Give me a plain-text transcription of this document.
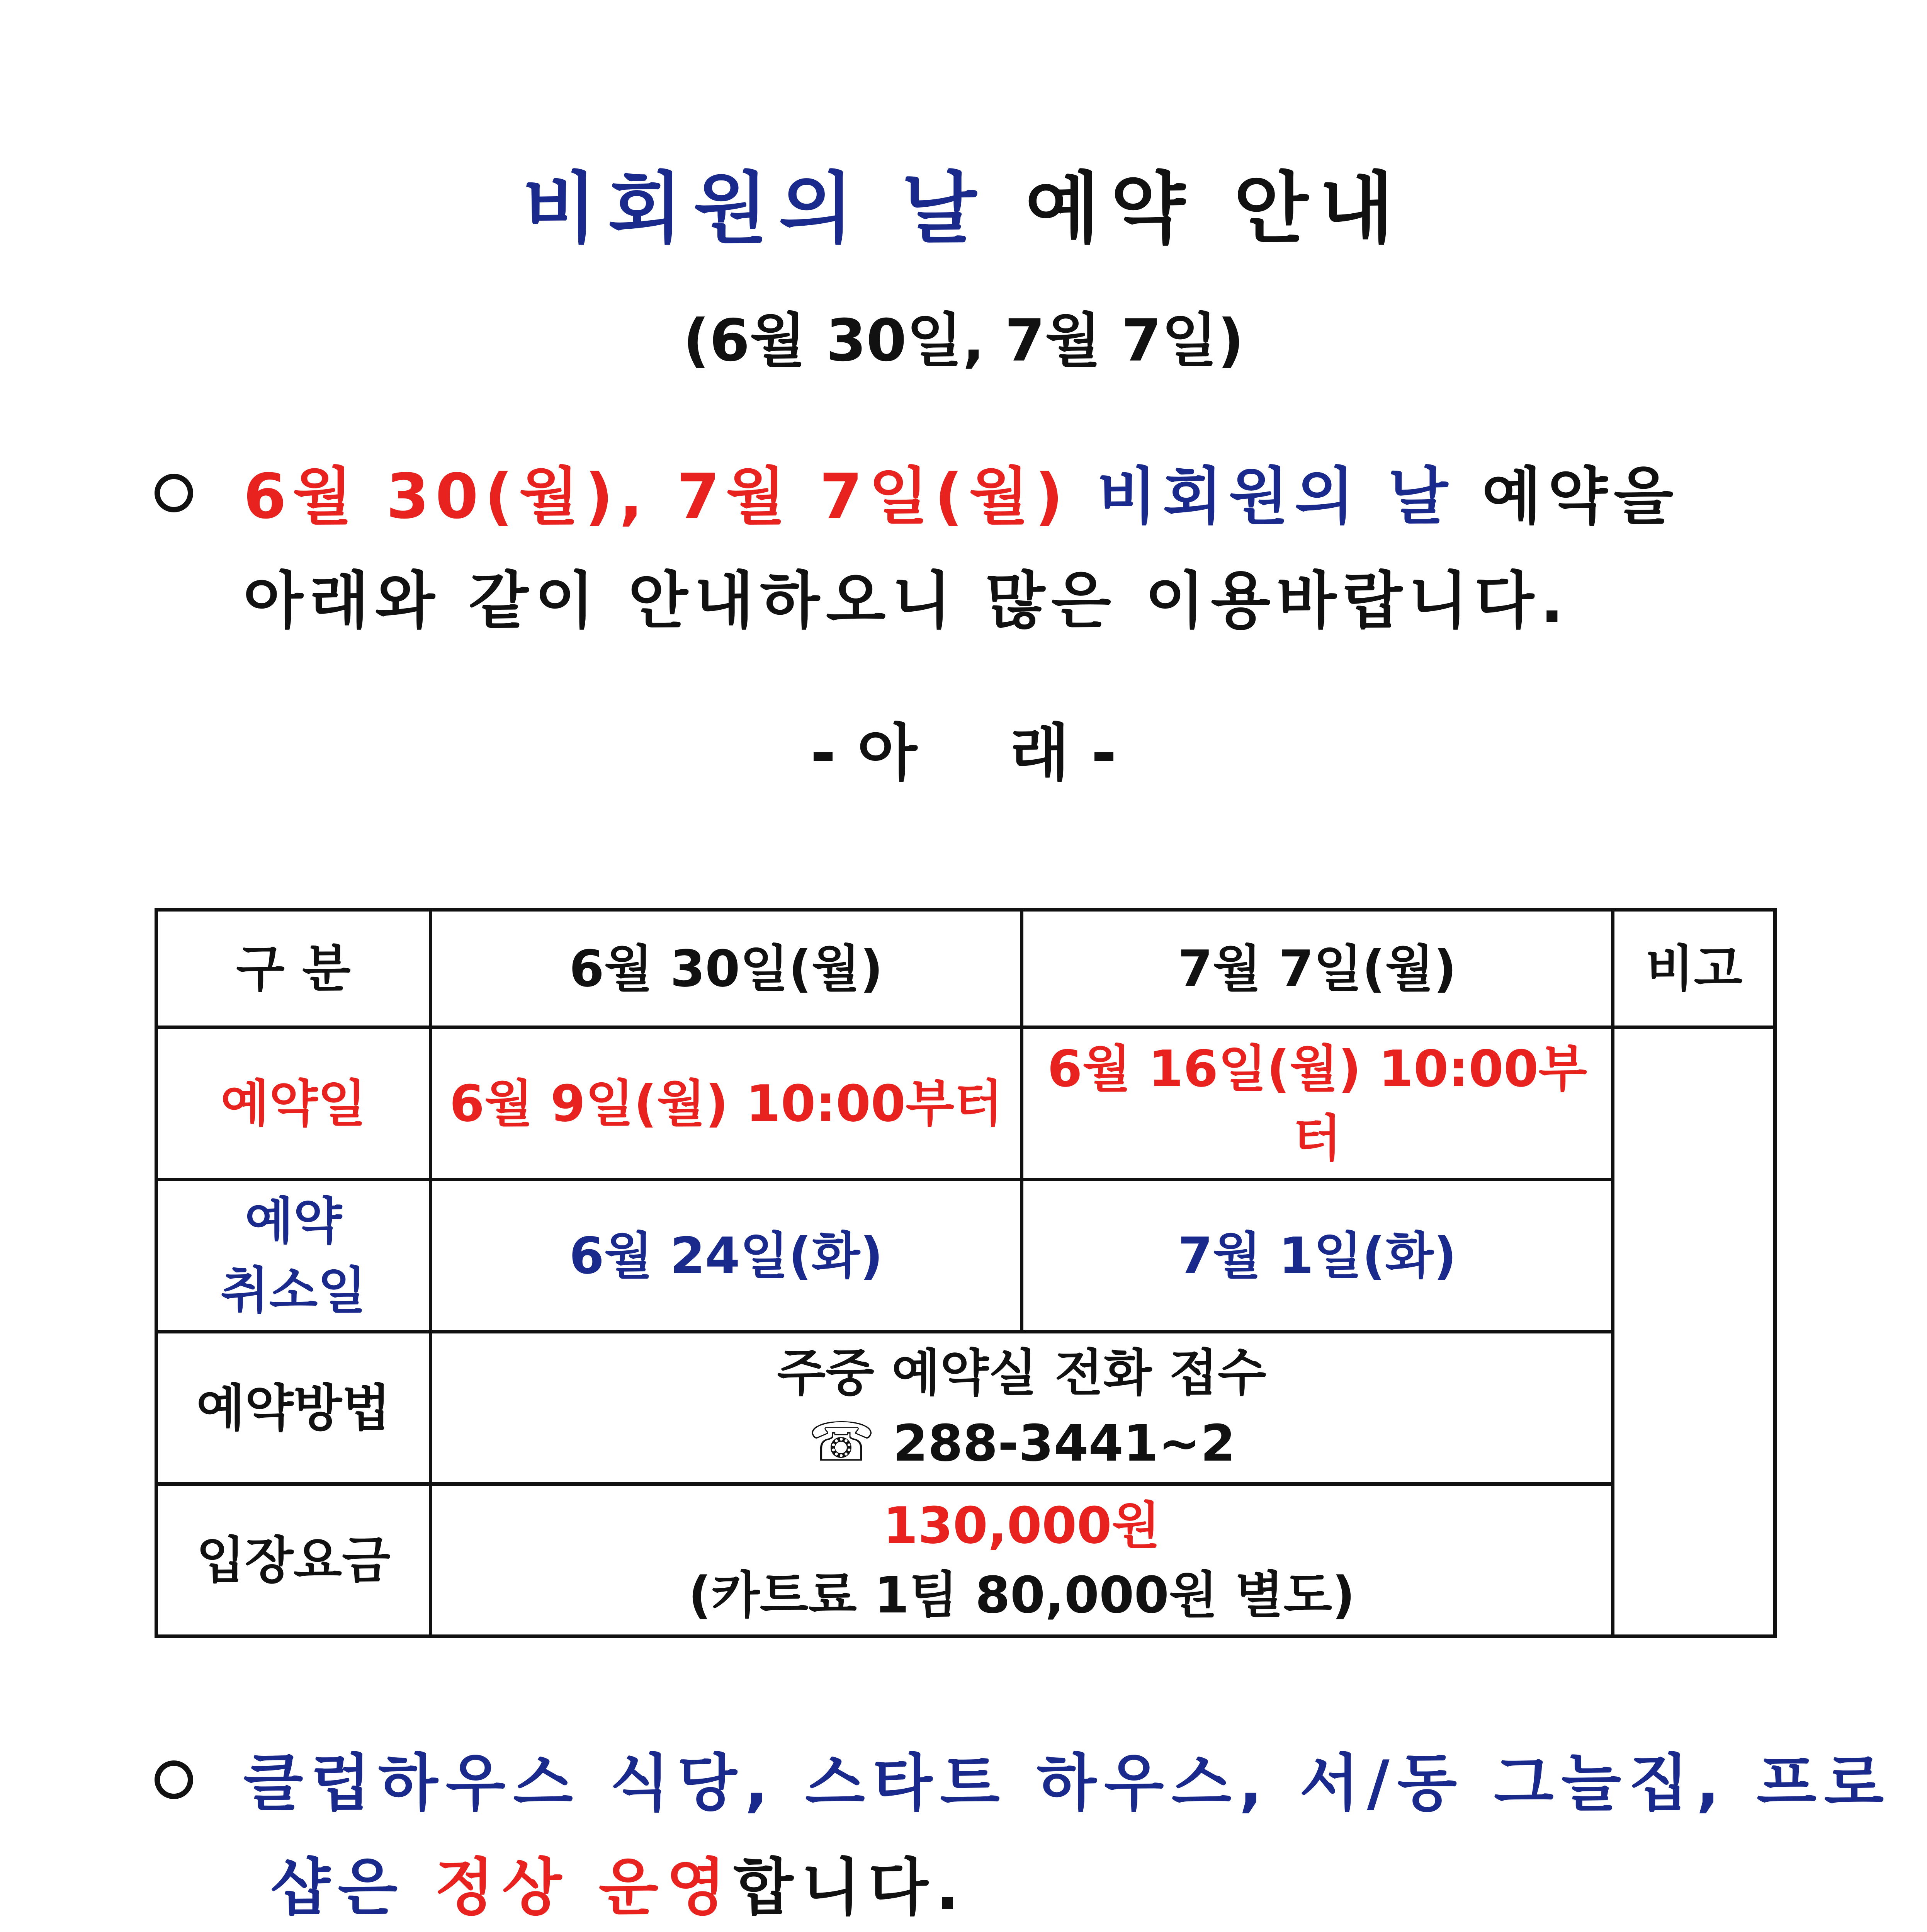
비회원의 날 예약 안내
(6월 30일, 7월 7일)
6월 30(월), 7월 7일(월) 비회원의 날 예약을
아래와 같이 안내하오니 많은 이용바랍니다.
- 아 래 -
구 분	6월 30일(월)	7월 7일(월)	비고
예약일	6월 9일(월) 10:00부터	6월 16일(월) 10:00부터	

예약
취소일	6월 24일(화)	7월 1일(화)	
예약방법	주중 예약실 전화 접수
☏ 288-3441~2		

입장요금	130,000원
(카트료 1팀 80,000원 별도)		
클럽하우스 식당, 스타트 하우스, 서/동 그늘집, 프로
샵은 정상 운영합니다.
